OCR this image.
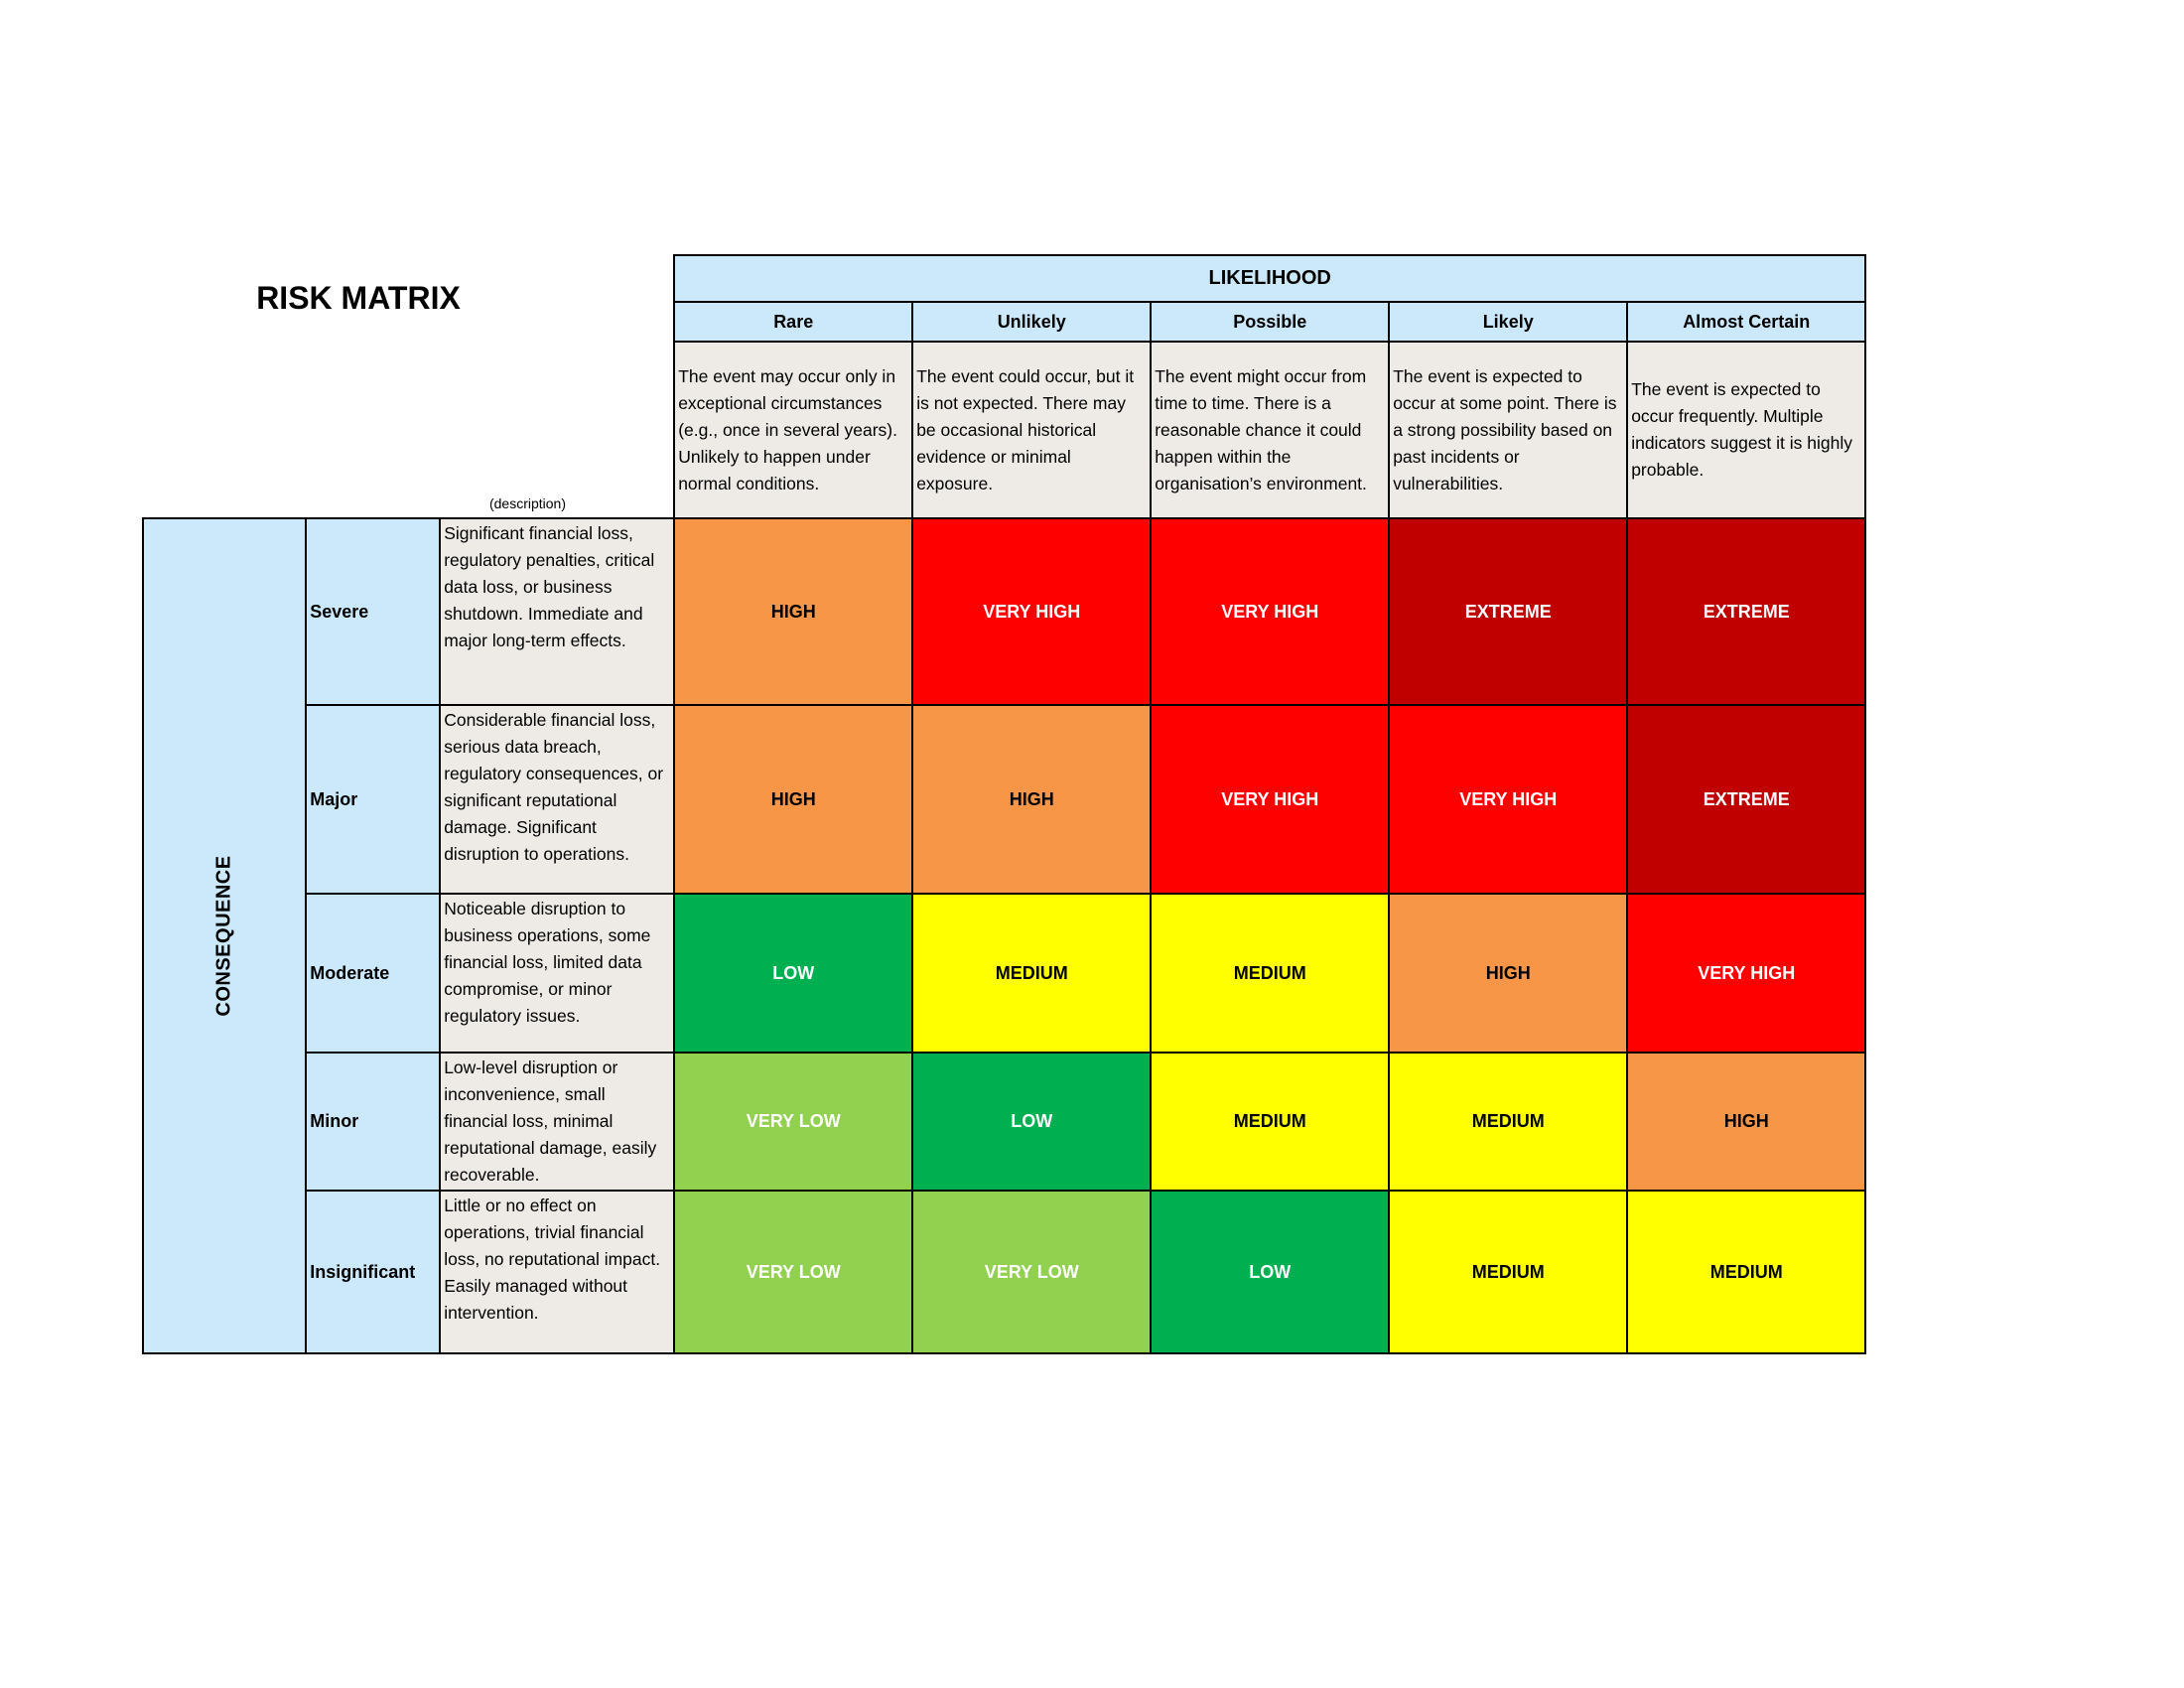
RISK MATRIX
(description)
			LIKELIHOOD				
			Rare	Unlikely	Possible	Likely	Almost Certain
			The event may occur only in exceptional circumstances (e.g., once in several years). Unlikely to happen under normal conditions.	The event could occur, but it is not expected. There may be occasional historical evidence or minimal exposure.	The event might occur from time to time. There is a reasonable chance it could happen within the organisation’s environment.	The event is expected to occur at some point. There is a strong possibility based on past incidents or vulnerabilities.	The event is expected to occur frequently. Multiple indicators suggest it is highly probable.
CONSEQUENCE	Severe	Significant financial loss, regulatory penalties, critical data loss, or business shutdown. Immediate and major long-term effects.	HIGH	VERY HIGH	VERY HIGH	EXTREME	EXTREME
	Major	Considerable financial loss, serious data breach, regulatory consequences, or significant reputational damage. Significant disruption to operations.	HIGH	HIGH	VERY HIGH	VERY HIGH	EXTREME
	Moderate	Noticeable disruption to business operations, some financial loss, limited data compromise, or minor regulatory issues.	LOW	MEDIUM	MEDIUM	HIGH	VERY HIGH
	Minor	Low-level disruption or inconvenience, small financial loss, minimal reputational damage, easily recoverable.	VERY LOW	LOW	MEDIUM	MEDIUM	HIGH
	Insignificant	Little or no effect on operations, trivial financial loss, no reputational impact. Easily managed without intervention.	VERY LOW	VERY LOW	LOW	MEDIUM	MEDIUM
